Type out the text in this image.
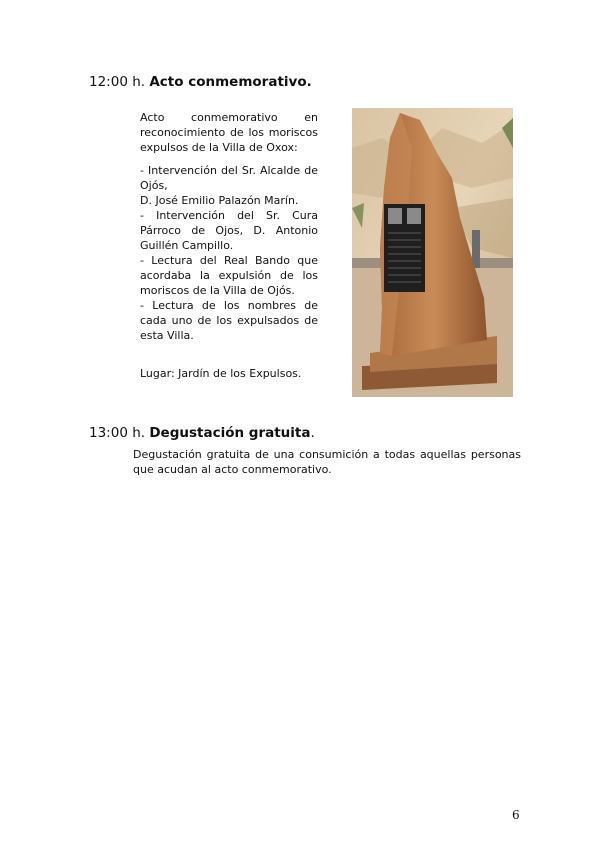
12:00 h. Acto conmemorativo.

Acto conmemorativo en reconocimiento de los moriscos expulsos de la Villa de Oxox:

- Intervención del Sr. Alcalde de Ojós,

D. José Emilio Palazón Marín.

- Intervención del Sr. Cura Párroco de Ojos, D. Antonio Guillén Campillo.

- Lectura del Real Bando que acordaba la expulsión de los moriscos de la Villa de Ojós.

- Lectura de los nombres de cada uno de los expulsados de esta Villa.

Lugar: Jardín de los Expulsos.

13:00 h. Degustación gratuita.

Degustación gratuita de una consumición a todas aquellas personas que acudan al acto conmemorativo.

6
